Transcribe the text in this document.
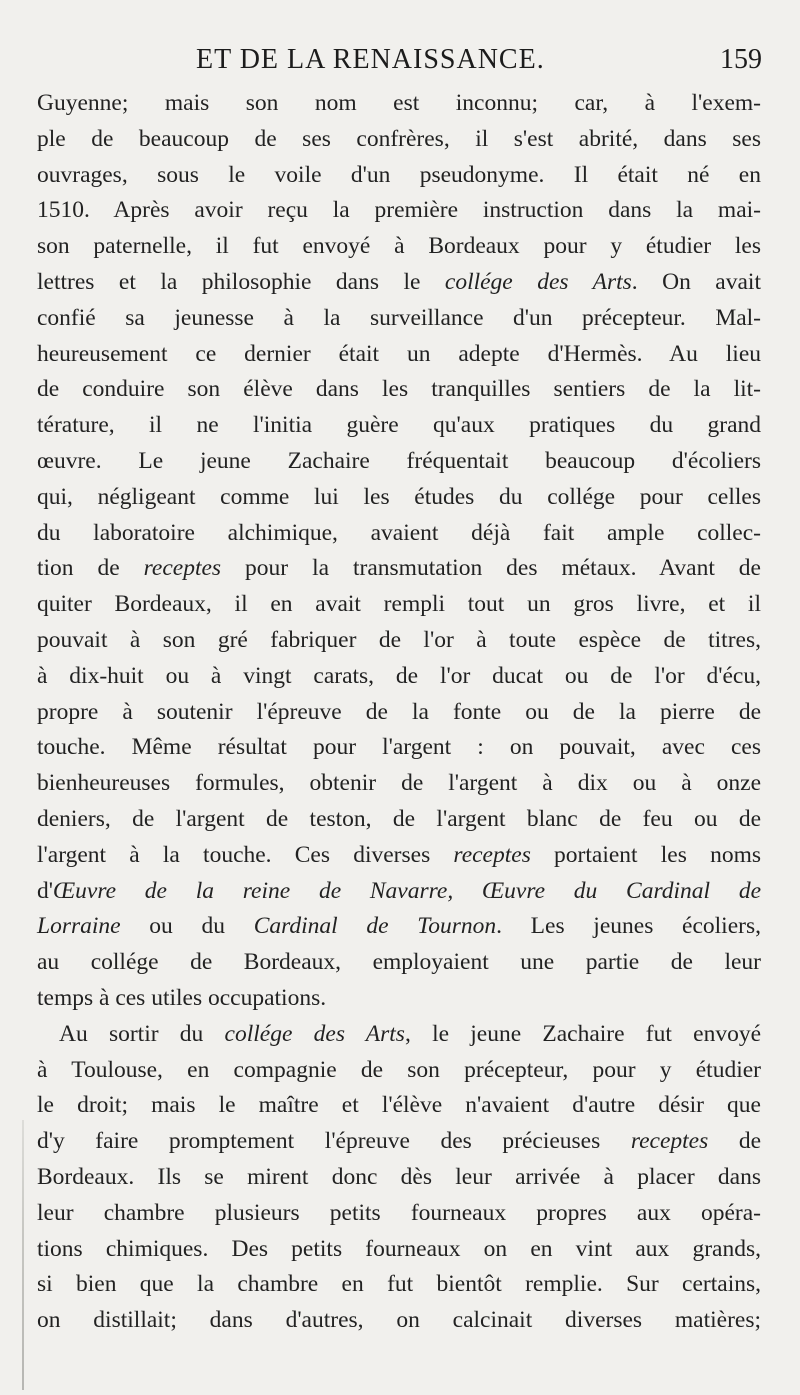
ET DE LA RENAISSANCE.	159
Guyenne; mais son nom est inconnu; car, à l'exem-
ple de beaucoup de ses confrères, il s'est abrité, dans ses
ouvrages, sous le voile d'un pseudonyme. Il était né en
1510. Après avoir reçu la première instruction dans la mai-
son paternelle, il fut envoyé à Bordeaux pour y étudier les
lettres et la philosophie dans le collége des Arts. On avait
confié sa jeunesse à la surveillance d'un précepteur. Mal-
heureusement ce dernier était un adepte d'Hermès. Au lieu
de conduire son élève dans les tranquilles sentiers de la lit-
térature, il ne l'initia guère qu'aux pratiques du grand
œuvre. Le jeune Zachaire fréquentait beaucoup d'écoliers
qui, négligeant comme lui les études du collége pour celles
du laboratoire alchimique, avaient déjà fait ample collec-
tion de receptes pour la transmutation des métaux. Avant de
quiter Bordeaux, il en avait rempli tout un gros livre, et il
pouvait à son gré fabriquer de l'or à toute espèce de titres,
à dix-huit ou à vingt carats, de l'or ducat ou de l'or d'écu,
propre à soutenir l'épreuve de la fonte ou de la pierre de
touche. Même résultat pour l'argent : on pouvait, avec ces
bienheureuses formules, obtenir de l'argent à dix ou à onze
deniers, de l'argent de teston, de l'argent blanc de feu ou de
l'argent à la touche. Ces diverses receptes portaient les noms
d'Œuvre de la reine de Navarre, Œuvre du Cardinal de
Lorraine ou du Cardinal de Tournon. Les jeunes écoliers,
au collége de Bordeaux, employaient une partie de leur
temps à ces utiles occupations.
Au sortir du collége des Arts, le jeune Zachaire fut envoyé
à Toulouse, en compagnie de son précepteur, pour y étudier
le droit; mais le maître et l'élève n'avaient d'autre désir que
d'y faire promptement l'épreuve des précieuses receptes de
Bordeaux. Ils se mirent donc dès leur arrivée à placer dans
leur chambre plusieurs petits fourneaux propres aux opéra-
tions chimiques. Des petits fourneaux on en vint aux grands,
si bien que la chambre en fut bientôt remplie. Sur certains,
on distillait; dans d'autres, on calcinait diverses matières;
